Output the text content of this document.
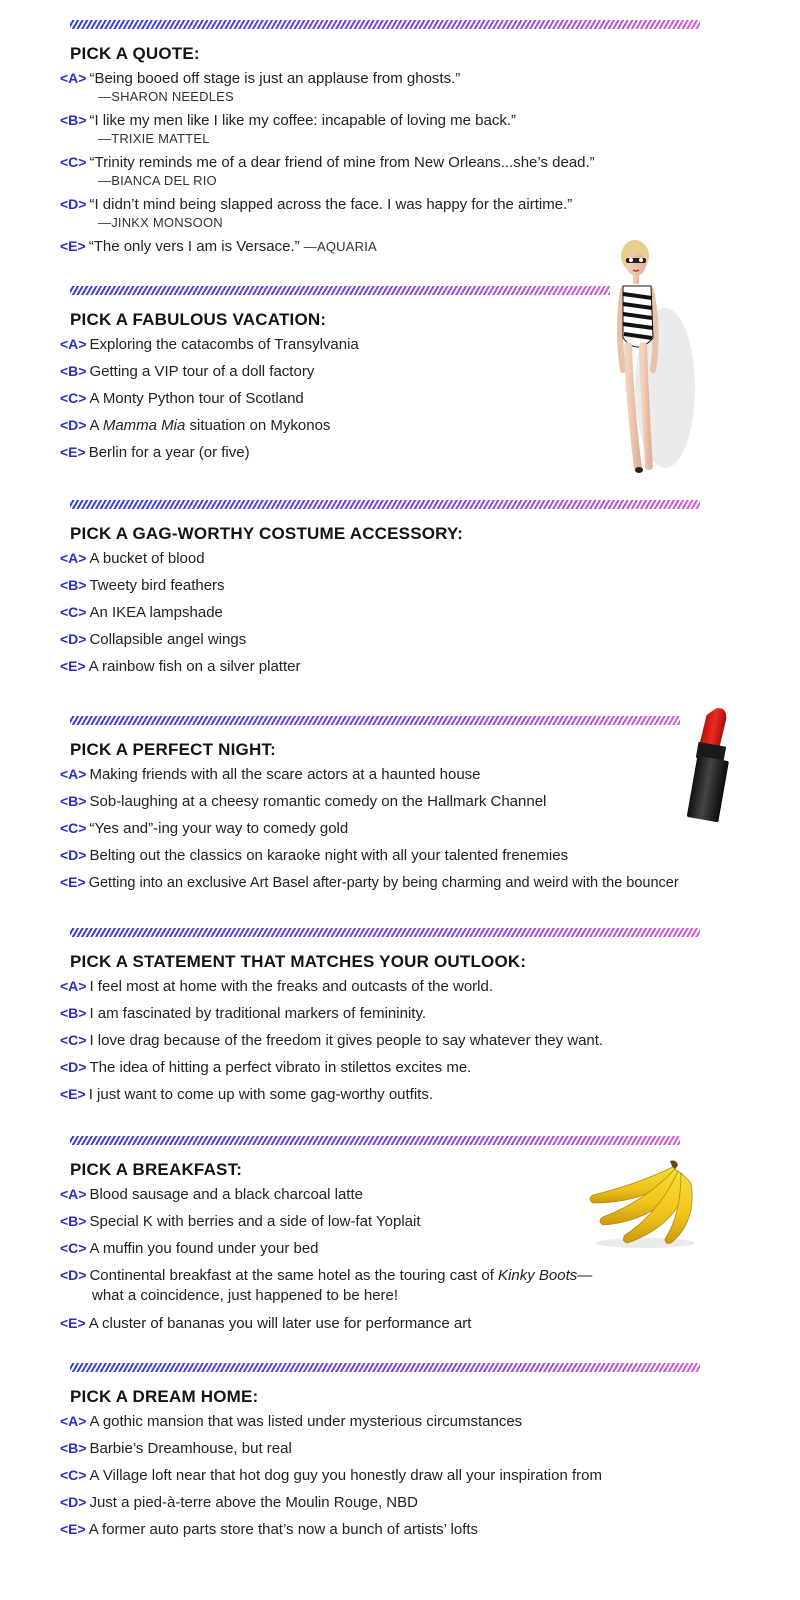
PICK A QUOTE:
<A> “Being booed off stage is just an applause from ghosts.”
—SHARON NEEDLES
<B> “I like my men like I like my coffee: incapable of loving me back.”
—TRIXIE MATTEL
<C> “Trinity reminds me of a dear friend of mine from New Orleans...she’s dead.”
—BIANCA DEL RIO
<D> “I didn’t mind being slapped across the face. I was happy for the airtime.”
—JINKX MONSOON
<E> “The only vers I am is Versace.” —AQUARIA
PICK A FABULOUS VACATION:
<A> Exploring the catacombs of Transylvania
<B> Getting a VIP tour of a doll factory
<C> A Monty Python tour of Scotland
<D> A Mamma Mia situation on Mykonos
<E> Berlin for a year (or five)
PICK A GAG-WORTHY COSTUME ACCESSORY:
<A> A bucket of blood
<B> Tweety bird feathers
<C> An IKEA lampshade
<D> Collapsible angel wings
<E> A rainbow fish on a silver platter
PICK A PERFECT NIGHT:
<A> Making friends with all the scare actors at a haunted house
<B> Sob-laughing at a cheesy romantic comedy on the Hallmark Channel
<C> “Yes and”-ing your way to comedy gold
<D> Belting out the classics on karaoke night with all your talented frenemies
<E> Getting into an exclusive Art Basel after-party by being charming and weird with the bouncer
PICK A STATEMENT THAT MATCHES YOUR OUTLOOK:
<A> I feel most at home with the freaks and outcasts of the world.
<B> I am fascinated by traditional markers of femininity.
<C> I love drag because of the freedom it gives people to say whatever they want.
<D> The idea of hitting a perfect vibrato in stilettos excites me.
<E> I just want to come up with some gag-worthy outfits.
PICK A BREAKFAST:
<A> Blood sausage and a black charcoal latte
<B> Special K with berries and a side of low-fat Yoplait
<C> A muffin you found under your bed
<D> Continental breakfast at the same hotel as the touring cast of Kinky Boots—
what a coincidence, just happened to be here!
<E> A cluster of bananas you will later use for performance art
PICK A DREAM HOME:
<A> A gothic mansion that was listed under mysterious circumstances
<B> Barbie’s Dreamhouse, but real
<C> A Village loft near that hot dog guy you honestly draw all your inspiration from
<D> Just a pied-à-terre above the Moulin Rouge, NBD
<E> A former auto parts store that’s now a bunch of artists’ lofts
